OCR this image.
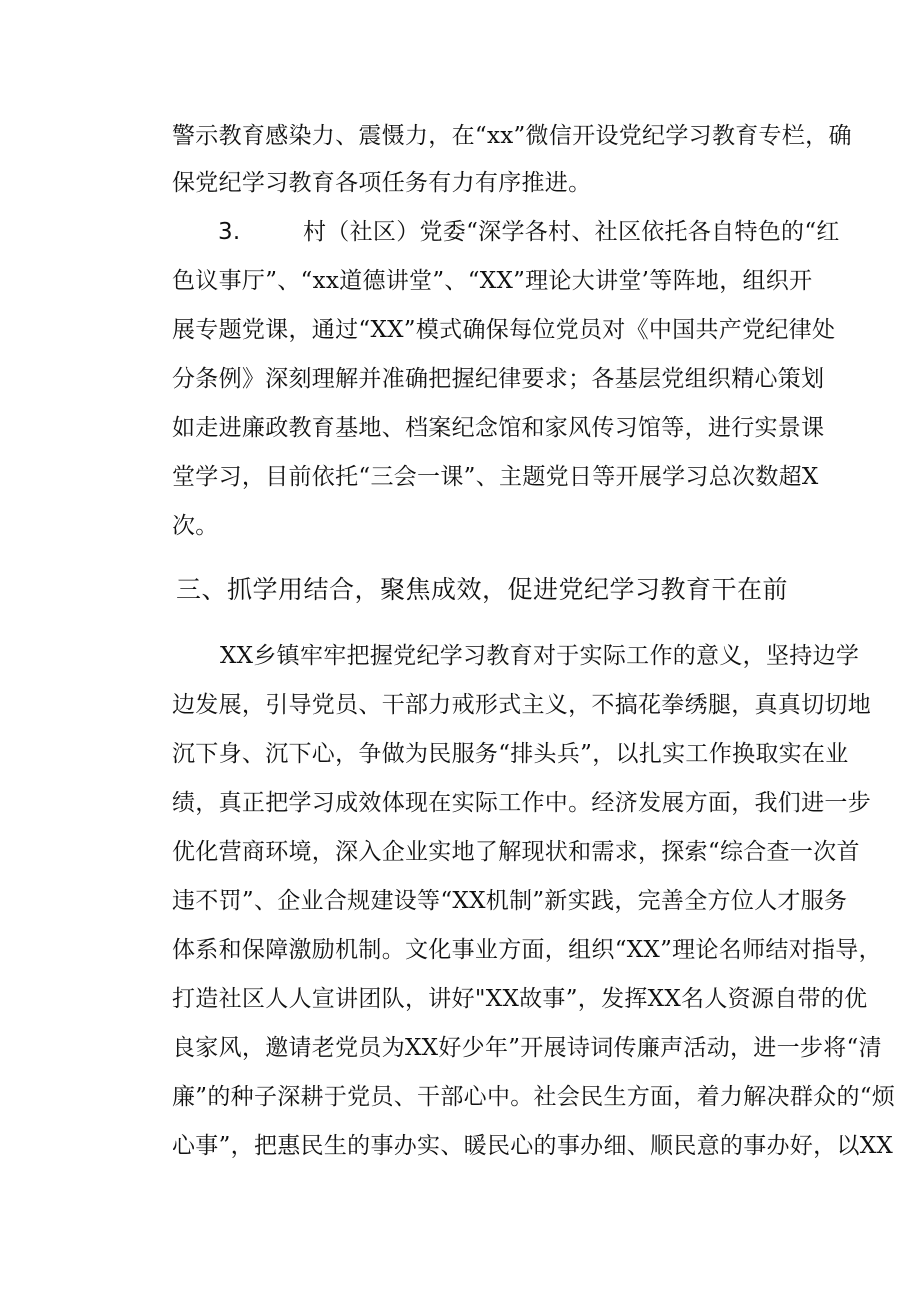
警示教育感染力、震慑力，在“xx”微信开设党纪学习教育专栏，确
保党纪学习教育各项任务有力有序推进。
3.	村（社区）党委“深学各村、社区依托各自特色的“红
色议事厅”、“xx道德讲堂”、“XX”理论大讲堂’等阵地，组织开
展专题党课，通过“XX”模式确保每位党员对《中国共产党纪律处
分条例》深刻理解并准确把握纪律要求；各基层党组织精心策划
如走进廉政教育基地、档案纪念馆和家风传习馆等，进行实景课
堂学习，目前依托“三会一课”、主题党日等开展学习总次数超X
次。
三、抓学用结合，聚焦成效，促进党纪学习教育干在前
XX乡镇牢牢把握党纪学习教育对于实际工作的意义，坚持边学
边发展，引导党员、干部力戒形式主义，不搞花拳绣腿，真真切切地
沉下身、沉下心，争做为民服务“排头兵”，以扎实工作换取实在业
绩，真正把学习成效体现在实际工作中。经济发展方面，我们进一步
优化营商环境，深入企业实地了解现状和需求，探索“综合查一次首
违不罚”、企业合规建设等“XX机制”新实践，完善全方位人才服务
体系和保障激励机制。文化事业方面，组织“XX”理论名师结对指导，
打造社区人人宣讲团队，讲好"XX故事”，发挥XX名人资源自带的优
良家风，邀请老党员为XX好少年”开展诗词传廉声活动，进一步将“清
廉”的种子深耕于党员、干部心中。社会民生方面，着力解决群众的“烦
心事”，把惠民生的事办实、暖民心的事办细、顺民意的事办好，以XX
